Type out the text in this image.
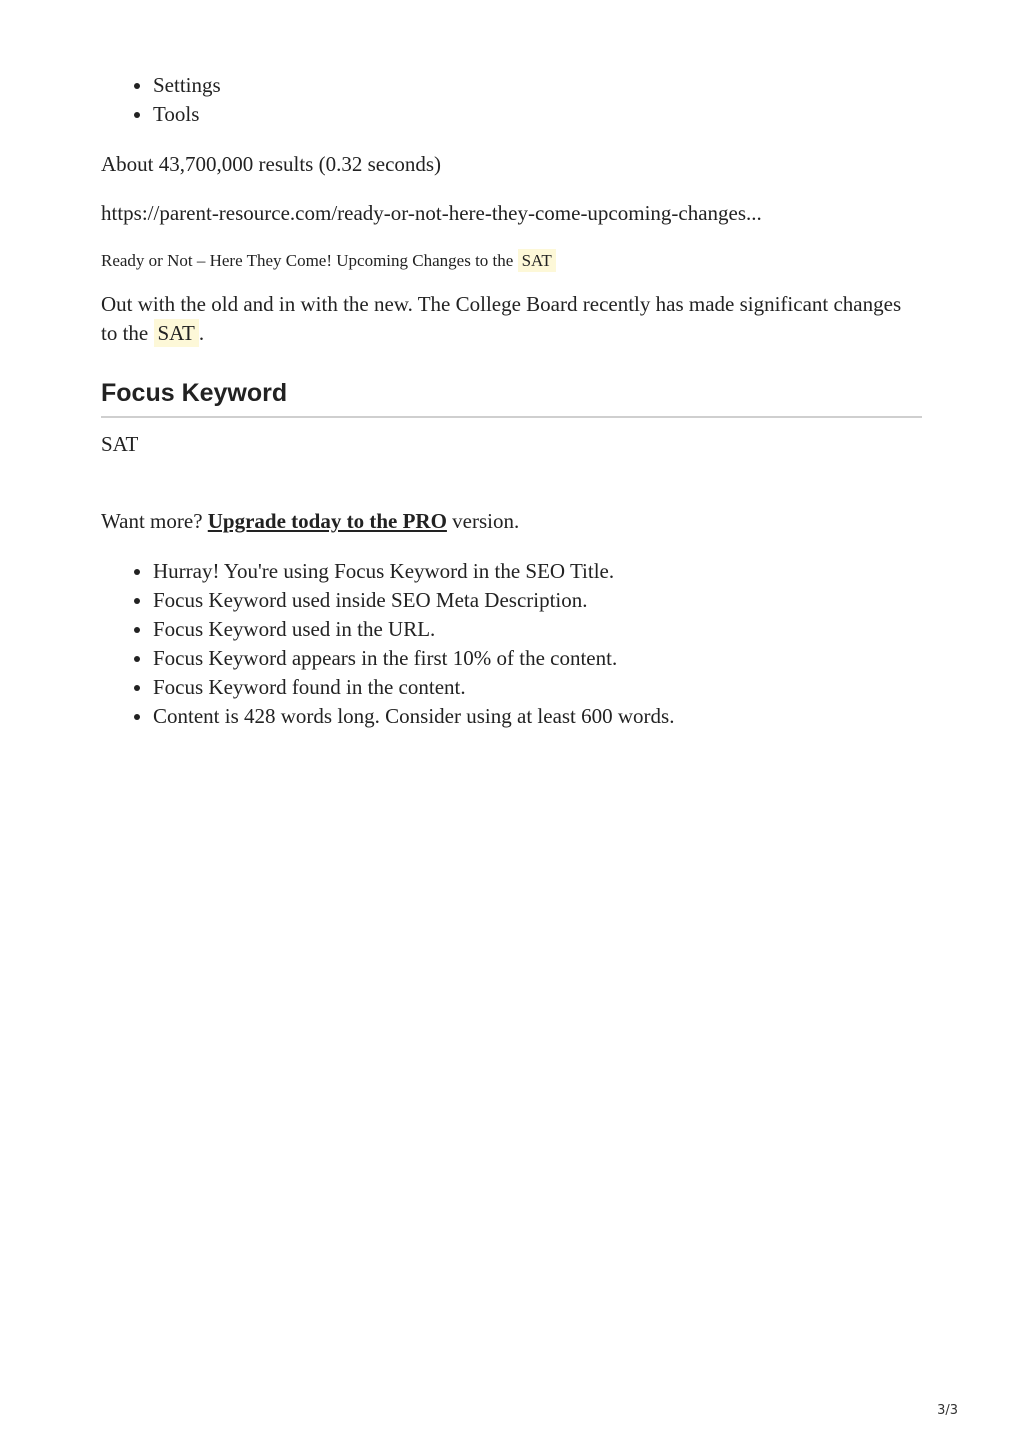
• Settings
• Tools

About 43,700,000 results (0.32 seconds)

https://parent-resource.com/ready-or-not-here-they-come-upcoming-changes...

Ready or Not – Here They Come! Upcoming Changes to the SAT

Out with the old and in with the new. The College Board recently has made significant changes to the SAT .

Focus Keyword

SAT

Want more? Upgrade today to the PRO version.

• Hurray! You're using Focus Keyword in the SEO Title.
• Focus Keyword used inside SEO Meta Description.
• Focus Keyword used in the URL.
• Focus Keyword appears in the first 10% of the content.
• Focus Keyword found in the content.
• Content is 428 words long. Consider using at least 600 words.
3/3
